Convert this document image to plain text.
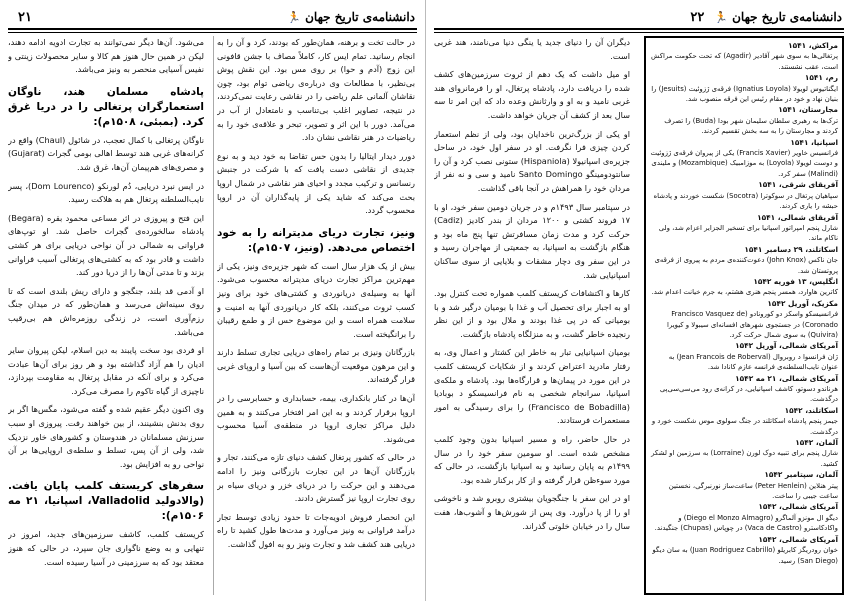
🏃 دانشنامه‌ی تاریخ جهان
۲۱

در حالت تخت و برهنه، همان‌طور که بودند، کرد و آن را به انجام رسانید. تمام ایس کار، کاملاً مصاف با جشن قافونی این زوج (آدم و حوا) بر روی مس بود. این نقش پوش بی‌نظیر، با مطالعات وی درباره‌ی ریاضی توام بود، چون نقاشان آلمانی علم ریاضی را در نقاشی رعایت نمی‌کردند، در نتیجه، تصاویر اغلب بی‌تناسب و نامتعادل از آب در می‌آمد. دورر با این اثر و تصویر، تبحر و علاقه‌ی خود را به ریاضیات در هنر نقاشی نشان داد.

دورر دیدار ایتالیا را بدون حس تقاضا به خود دید و به نوع جدیدی از نقاشی دست یافت که با شرکت در جنبش رنسانس و ترکیب مجدد و احیای هنر نقاشی در شمال اروپا بحث می‌کند که شاید یکی از پایه‌گذاران آن در اروپا محسوب گردد.

ونیز، تجارت دریای مدیترانه را به خود اختصاص می‌دهد. (ونیز، ۱۵۰۷م):

بیش از یک هزار سال است که شهر جزیره‌ی ونیز، یکی از مهم‌ترین مراکز تجارت دریای مدیترانه محسوب می‌شود. آنها به وسیله‌ی دریانوردی و کشتی‌های خود برای ونیز کسب ثروت می‌کنند، بلکه کار دریانوردی آنها به امنیت و سلامت همراه است و این موضوع حس از و طمع رقیبان را برانگیخته است.

بازرگانان ونیزی بر تمام راه‌های دریایی تجاری تسلط دارند و این مرهون موقعیت آن‌هاست که بین آسیا و اروپای غربی قرار گرفته‌اند.

آن‌ها در کنار بانکداری، بیمه، حسابداری و حسابرسی را در اروپا برقرار کردند و به این امر افتخار می‌کنند و به همین دلیل مراکز تجاری اروپا در منطقه‌ی آسیا محسوب می‌شوند.

در حالی که کشور پرتغال کشف دنیای تازه می‌کنند، تجار و بازرگانان آن‌ها در این تجارت بازرگانی ونیز را ادامه می‌دهند و این حرکت را در دریای خزر و دریای سیاه بر روی تجارت اروپا نیز گسترش دادند.

این انحصار فروش ادویه‌جات تا حدود زیادی توسط تجار درآمد فراوانی به ونیز می‌آورد و مدت‌ها طول کشید تا راه دریایی هند کشف شد و تجارت ونیز رو به افول گذاشت.

می‌شود. آن‌ها دیگر نمی‌توانند به تجارت ادویه ادامه دهند، لیکن در همین حال هنوز هم کالا و سایر محصولات زینتی و نفیس آسیایی منحصر به ونیز می‌باشد.

پادشاه مسلمان هند، ناوگان استعمارگران پرتغالی را در دریا غرق کرد. (بمبئی، ۱۵۰۸م):

ناوگان پرتغالی با کمال تعجب، در شائول (Chaul) واقع در کرانه‌های غربی هند توسط اهالی بومی گجرات (Gujarat) و مصری‌های هم‌پیمان آن‌ها، غرق شد.

در ایس نبرد دریایی، دُم لورنکو (Dom Lourenco)، پسر نایب‌السلطنه پرتغال هم به هلاکت رسید.

این فتح و پیروزی در اثر مساعی محمود بقره (Begara) پادشاه سالخورده‌ی گجرات حاصل شد. او توپ‌های فراوانی به شمالی در آن نواحی دریایی برای هر کشتی داشت و قادر بود که به کشتی‌های پرتغالی آسیب فراوانی بزند و تا مدتی آن‌ها را از دریا دور کند.

او آدمی قد بلند، جنگجو و دارای ریش بلندی است که تا روی سینه‌اش می‌رسد و همان‌طور که در میدان جنگ رزم‌آوری است، در زندگی روزمره‌اش هم بی‌رقیب می‌باشد.

او فردی بود سخت پایبند به دین اسلام، لیکن پیروان سایر ادیان را هم آزاد گذاشته بود و هر روز برای آن‌ها عبادت می‌کرد و برای آنکه در مقابل پرتغال به مقاومت بپردازد، ناچیزی از گیاه تاکوم را مصرف می‌کرد.

وی اکنون دیگر عقیم شده و گفته می‌شود، مگس‌ها اگر بر روی بدنش بنشینند، از بین خواهند رفت. پیروزی او سبب سرزنش مسلمانان در هندوستان و کشورهای خاور نزدیک شد، ولی از آن پس، تسلط و سلطه‌ی اروپایی‌ها بر آن نواحی رو به افزایش بود.

سفرهای کریستف کلمب پایان یافت. (والادولید Valladolid، اسپانیا، ۲۱ مه ۱۵۰۶م):

کریستف کلمب، کاشف سرزمین‌های جدید، امروز در تنهایی و به وضع ناگواری جان سپرد، در حالی که هنوز معتقد بود که به سرزمینی در آسیا رسیده است.

۲۲ 🏃 دانشنامه‌ی تاریخ جهان

دیگران آن را دنیای جدید یا ینگی دنیا می‌نامند، هند غربی است.

او میل داشت که یک دهم از ثروت سرزمین‌های کشف شده را دریافت دارد، پادشاه پرتغال، او را فرمانروای هند غربی نامید و به او و وارثانش وعده داد که این امر تا سه سال بعد از کشف آن جریان خواهد داشت.

او یکی از بزرگ‌ترین ناخدایان بود، ولی از نظم استعمار کردن چیزی فرا نگرفت. او در سفر اول خود، در ساحل جزیره‌ی اسپانیولا (Hispaniola) ستونی نصب کرد و آن را سانتودومینگو Santo Domingo نامید و سی و نه نفر از مردان خود را همراهش در آنجا باقی گذاشت.

در سپتامبر سال ۱۴۹۳م و در جریان دومین سفر خود، او با ۱۷ فروند کشتی و ۱۲۰۰ مردان از بندر کادیز (Cadiz) حرکت کرد و مدت زمان مسافرتش تنها پنج ماه بود و هنگام بازگشت به اسپانیا، به جمعیتی از مهاجران رسید و در این سفر وی دچار مشقات و بلایایی از سوی ساکنان اسپانیایی شد.

کارها و اکتشافات کریستف کلمب همواره تحت کنترل بود. او به اجبار برای تحصیل آب و غذا با بومیان درگیر شد و با بومیانی که در پی غذا بودند و ملال بود و از این نظر رنجیده خاطر گشت، و به منزلگاه پادشاه بازگشت.

بومیان اسپانیایی تبار به خاطر این کشتار و اعمال وی، به رفتار مادرید اعتراض کردند و از شکایات کریستف کلمب در این مورد در پیمان‌ها و قرارگاه‌ها بود. پادشاه و ملکه‌ی اسپانیا، سرانجام شخصی به نام فرانسیسکو د بوبادیا (Francisco de Bobadilla) را برای رسیدگی به امور مستعمرات فرستادند.

در حال حاضر، راه و مسیر اسپانیا بدون وجود کلمب مشخص شده است. او سومین سفر خود را در سال ۱۴۹۹م به پایان رسانید و به اسپانیا بازگشت، در حالی که مورد سوءظن قرار گرفته و از کار برکنار شده بود.

او در این سفر با جنگجویان بیشتری روبرو شد و ناخوشی او را از پا درآورد. وی پس از شورش‌ها و آشوب‌ها، هفت سال را در خیابان خلوتی گذراند.

مراکش، ۱۵۴۱
پرتغالی‌ها به سوی شهر آقادیر (Agadir) که تحت حکومت مراکش است، عقب نشستند.
رم، ۱۵۴۱
ایگناتیوس لویولا (Ignatius Loyola) فرقه‌ی ژزوئیت (Jesuits) را بنیان نهاد و خود در مقام رئیس این فرقه منصوب شد.
مجارستان، ۱۵۴۱
ترک‌ها به رهبری سلطان سلیمان شهر بودا (Buda) را تصرف کردند و مجارستان را به سه بخش تقسیم کردند.
اسپانیا، ۱۵۴۱
فرانسیس خاویر (Francis Xavier) یکی از پیروان فرقه‌ی ژزوئیت و دوست لویولا (Loyola) به موزامبیک (Mozambique) و ملیندی (Malindi) سفر کرد.
آفریقای شرقی، ۱۵۴۱
سپاهیان پرتغال در سوکوترا (Socotra) شکست خوردند و پادشاه حبشه را یاری کردند.
آفریقای شمالی، ۱۵۴۱
شارل پنجم امپراتور اسپانیا برای تسخیر الجزایر اعزام شد، ولی ناکام ماند.
اسکاتلند، ۲۹ دسامبر ۱۵۴۱
جان ناکس (John Knox) دعوت‌کننده‌ی مردم به پیروی از فرقه‌ی پروتستان شد.
انگلیس، ۱۳ فوریه ۱۵۴۲
کاترین هاوارد، همسر پنجم هنری هشتم، به جرم خیانت اعدام شد.
مکزیک، آوریل ۱۵۴۲
فرانسیسکو واسکز دو کورونادو (Francisco Vasquez de Coronado) در جستجوی شهرهای افسانه‌ای سیبولا و کیویرا (Quivira) به سوی شمال حرکت کرد.
آمریکای شمالی، آوریل ۱۵۴۲
ژان فرانسوا د روبروال (Jean Francois de Roberval) به عنوان نایب‌السلطنه‌ی فرانسه عازم کانادا شد.
آمریکای شمالی، ۲۱ مه ۱۵۴۲
هرناندو دسوتو، کاشف اسپانیایی، در کرانه‌ی رود می‌سی‌سی‌پی درگذشت.
اسکاتلند، ۱۵۴۲
جیمز پنجم پادشاه اسکاتلند در جنگ سولوی موس شکست خورد و درگذشت.
آلمان، ۱۵۴۲
شارل پنجم برای تنبیه دوک لورن (Lorraine) به سرزمین او لشکر کشید.
آلمان، سپتامبر ۱۵۴۲
پیتر هنلاین (Peter Henlein) ساعت‌ساز نورنبرگی، نخستین ساعت جیبی را ساخت.
آمریکای شمالی، ۱۵۴۲
دیگو ال مونزو آلماگرو (Diego el Monzo Almagro) و واکادکاسترو (Vaca de Castro) در چوپاس (Chupas) جنگیدند.
آمریکای شمالی، ۱۵۴۲
خوان رودریگز کابریلو (Juan Rodriguez Cabrillo) به سان دیگو (San Diego) رسید.
